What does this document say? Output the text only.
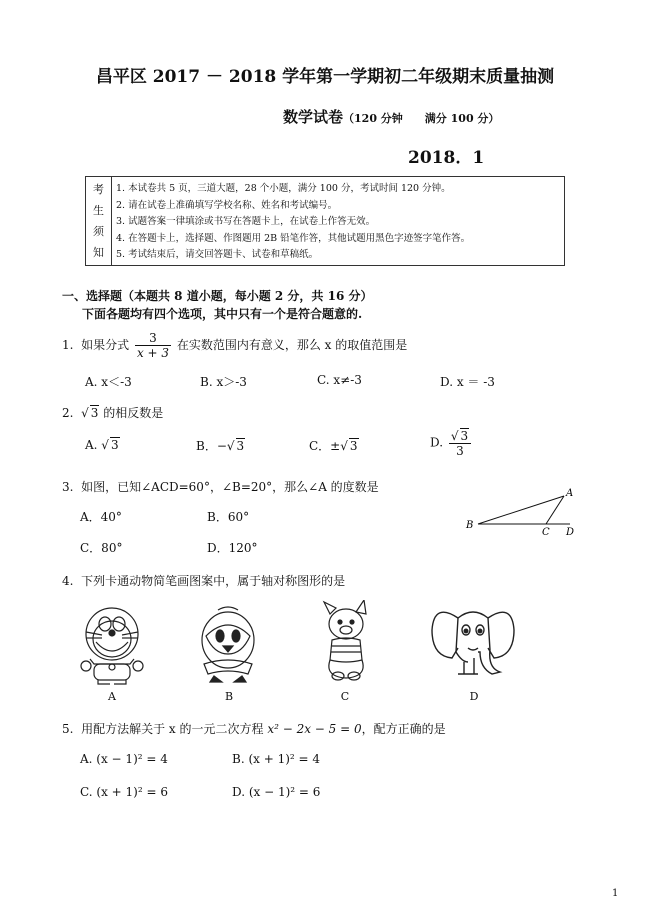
昌平区 2017 － 2018 学年第一学期初二年级期末质量抽测
数学试卷（120 分钟　　满分 100 分）
2018．1
考
生
须
知
1. 本试卷共 5 页，三道大题，28 个小题，满分 100 分，考试时间 120 分钟。
2. 请在试卷上准确填写学校名称、姓名和考试编号。
3. 试题答案一律填涂或书写在答题卡上，在试卷上作答无效。
4. 在答题卡上，选择题、作图题用 2B 铅笔作答，其他试题用黑色字迹签字笔作答。
5. 考试结束后，请交回答题卡、试卷和草稿纸。
一、选择题（本题共 8 道小题，每小题 2 分，共 16 分）
下面各题均有四个选项，其中只有一个是符合题意的.
1. 如果分式 $\frac{3}{x + 3}$ 在实数范围内有意义，那么 x 的取值范围是
A. x＜-3	B. x＞-3	C. x≠-3	D. x ＝ -3
2.  √ 3 的相反数是
A. √ 3	B．−√ 3	C．±√ 3	D. $\frac{√ 3}{3}$
3. 如图，已知∠ACD=60°，∠B=20°，那么∠A 的度数是
A．40°	B．60°
C．80°	D．120°
A
B
C D
4. 下列卡通动物简笔画图案中，属于轴对称图形的是
A	B	C	D
5. 用配方法解关于 x 的一元二次方程 x² − 2x − 5 = 0，配方正确的是
A. (x − 1)² = 4	B. (x + 1)² = 4
C. (x + 1)² = 6	D. (x − 1)² = 6
1
